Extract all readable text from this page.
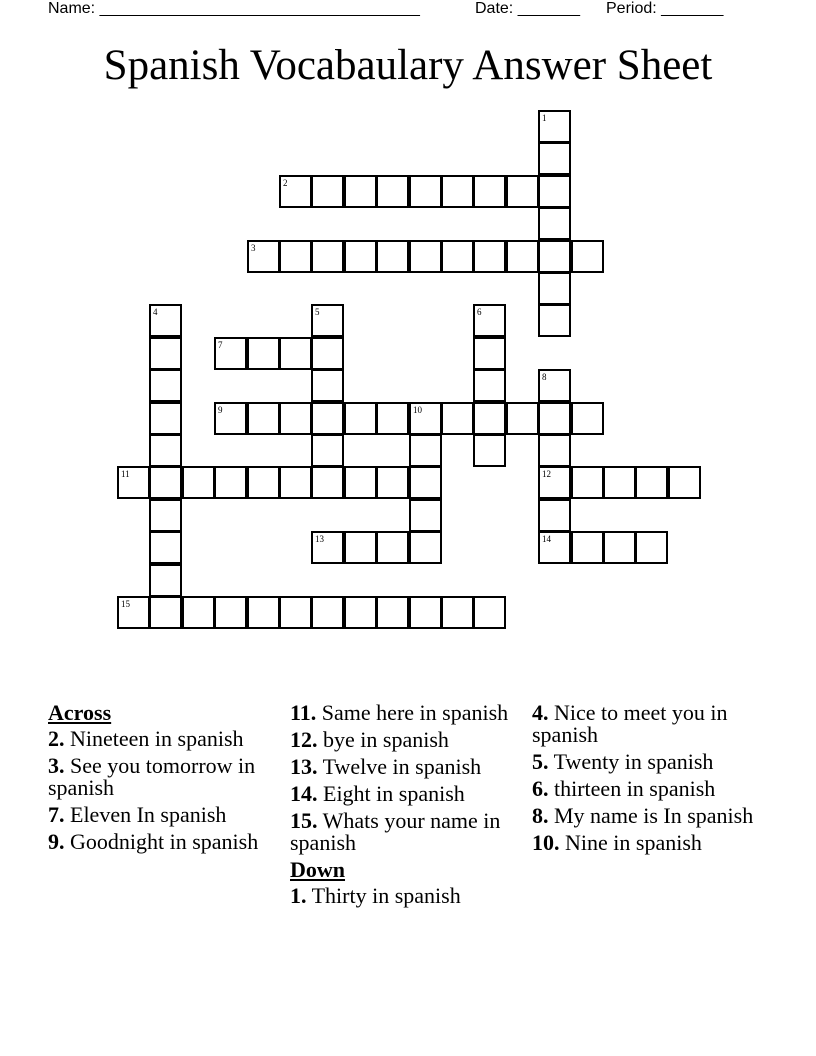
Name: ____________________________________	Date: _______ Period: _______
Spanish Vocabaulary Answer Sheet
1
2
3
4	5	6
7
8
12
14
9	10
11
13
15
Across
2. Nineteen in spanish
3. See you tomorrow in spanish
7. Eleven In spanish
9. Goodnight in spanish
11. Same here in spanish
12. bye in spanish
13. Twelve in spanish
14. Eight in spanish
15. Whats your name in spanish
Down
1. Thirty in spanish
4. Nice to meet you in spanish
5. Twenty in spanish
6. thirteen in spanish
8. My name is In spanish
10. Nine in spanish
